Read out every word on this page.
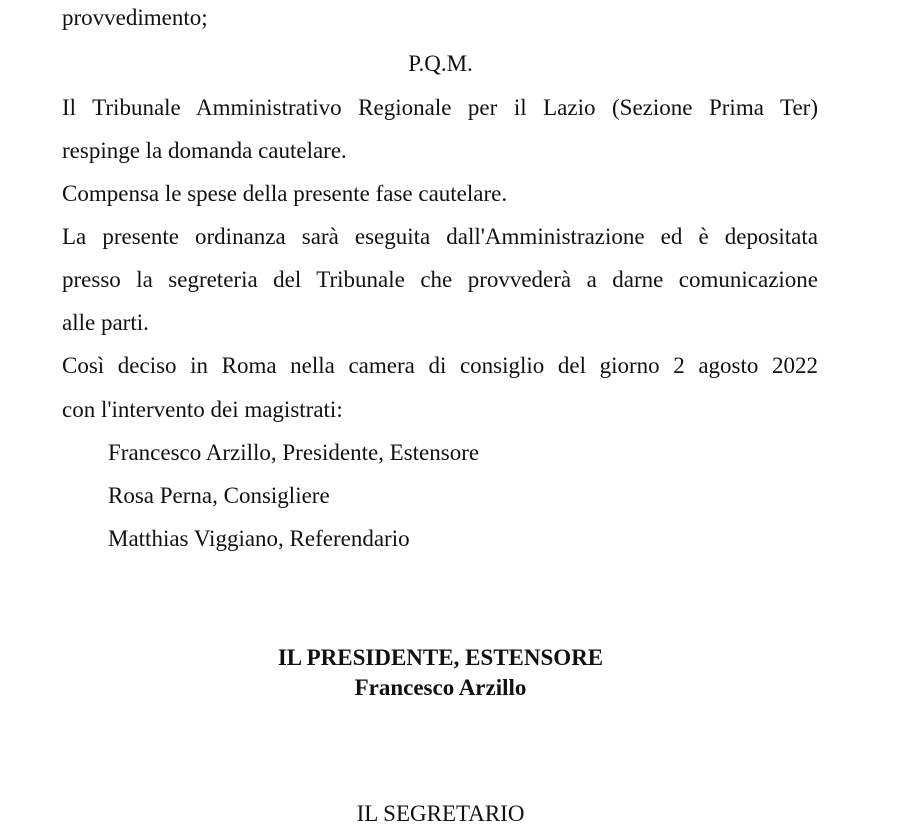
provvedimento;
P.Q.M.
Il Tribunale Amministrativo Regionale per il Lazio (Sezione Prima Ter)
respinge la domanda cautelare.
Compensa le spese della presente fase cautelare.
La presente ordinanza sarà eseguita dall'Amministrazione ed è depositata
presso la segreteria del Tribunale che provvederà a darne comunicazione
alle parti.
Così deciso in Roma nella camera di consiglio del giorno 2 agosto 2022
con l'intervento dei magistrati:
Francesco Arzillo, Presidente, Estensore
Rosa Perna, Consigliere
Matthias Viggiano, Referendario
IL PRESIDENTE, ESTENSORE
Francesco Arzillo
IL SEGRETARIO
